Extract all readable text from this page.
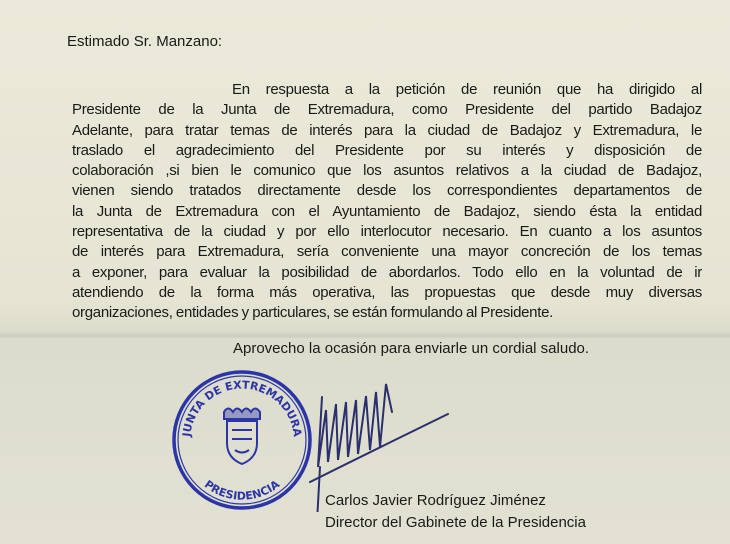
Estimado Sr. Manzano:
En respuesta a la petición de reunión que ha dirigido al
Presidente de la Junta de Extremadura, como Presidente del partido Badajoz
Adelante, para tratar temas de interés para la ciudad de Badajoz y Extremadura, le
traslado el agradecimiento del Presidente por su interés y disposición de
colaboración ,si bien le comunico que los asuntos relativos a la ciudad de Badajoz,
vienen siendo tratados directamente desde los correspondientes departamentos de
la Junta de Extremadura con el Ayuntamiento de Badajoz, siendo ésta la entidad
representativa de la ciudad y por ello interlocutor necesario. En cuanto a los asuntos
de interés para Extremadura, sería conveniente una mayor concreción de los temas
a exponer, para evaluar la posibilidad de abordarlos. Todo ello en la voluntad de ir
atendiendo de la forma más operativa, las propuestas que desde muy diversas
organizaciones, entidades y particulares, se están formulando al Presidente.
Aprovecho la ocasión para enviarle un cordial saludo.
JUNTA DE EXTREMADURA
PRESIDENCIA
Carlos Javier Rodríguez Jiménez
Director del Gabinete de la Presidencia
